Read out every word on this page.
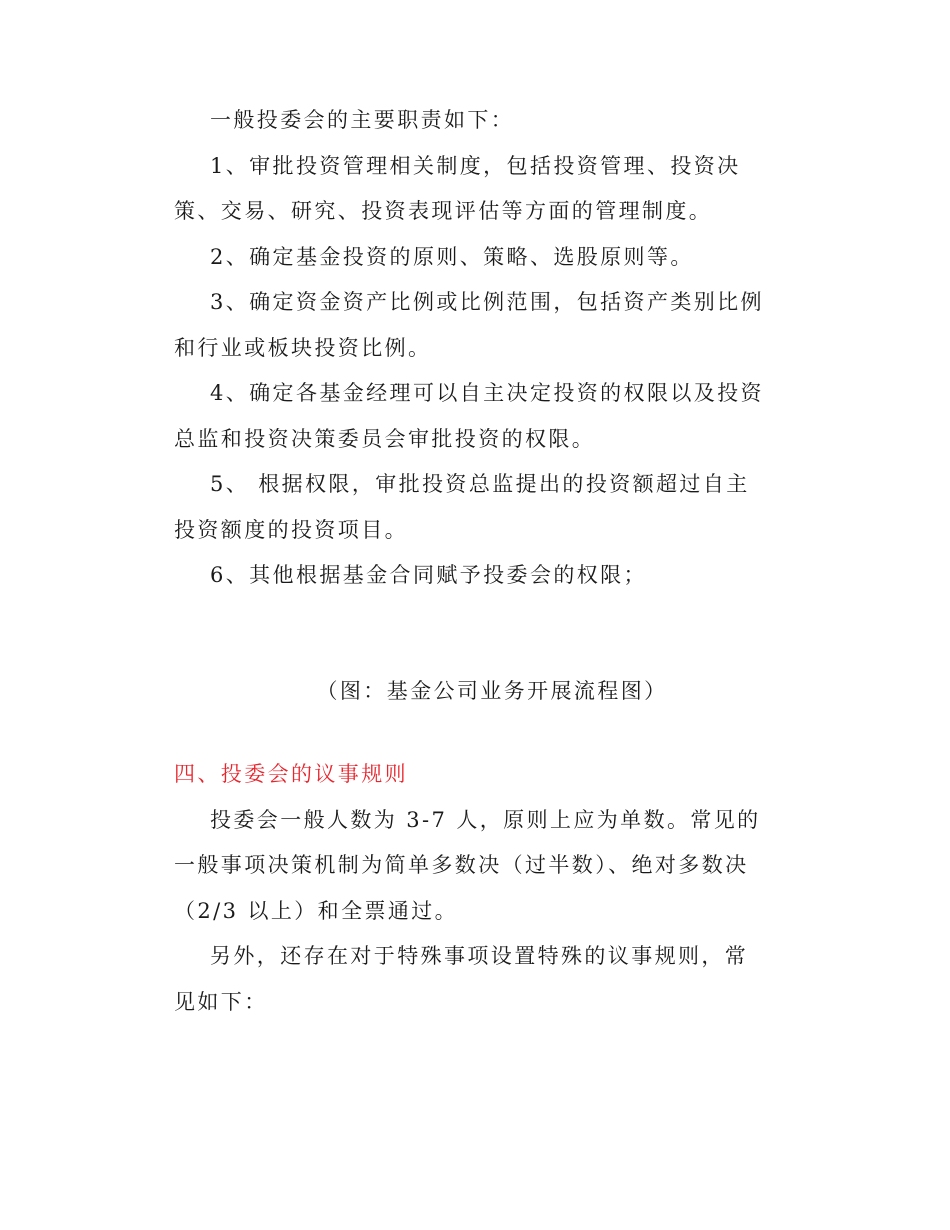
一般投委会的主要职责如下：

1、审批投资管理相关制度，包括投资管理、投资决

策、交易、研究、投资表现评估等方面的管理制度。

2、确定基金投资的原则、策略、选股原则等。

3、确定资金资产比例或比例范围，包括资产类别比例

和行业或板块投资比例。

4、确定各基金经理可以自主决定投资的权限以及投资

总监和投资决策委员会审批投资的权限。

5、 根据权限，审批投资总监提出的投资额超过自主

投资额度的投资项目。

6、其他根据基金合同赋予投委会的权限；

（图：基金公司业务开展流程图）

四、投委会的议事规则

投委会一般人数为 3-7 人，原则上应为单数。常见的

一般事项决策机制为简单多数决（过半数）、绝对多数决

（2/3 以上）和全票通过。

另外，还存在对于特殊事项设置特殊的议事规则，常

见如下：
